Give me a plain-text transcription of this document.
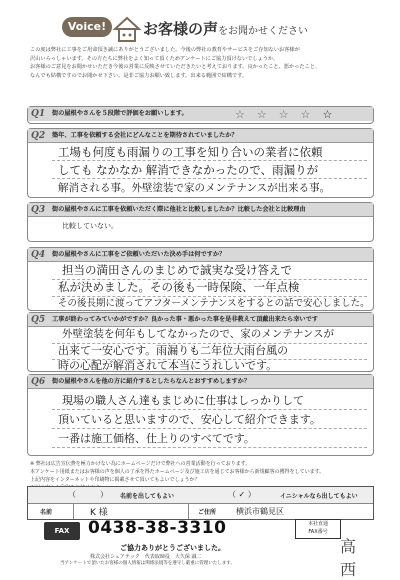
Voice!	お客様の声をお聞かせください

この度は弊社に工事をご用命頂き誠にありがとうございました。今後の弊社の教育やサービスをご存知ないお客様が

沢山いらっしゃいます。その方たちに弊社をよく知って頂くためアンケートにご協力頂けないでしょうか。

お客様のご意見をお聞かせいただき今後の営業に反映させていただきたいと考えております。良かったこと、悪かったこと、

なんでも結構ですのでお聞かせ下さい。是非ご協力お願い致します。出来る範囲で結構です。

Q1 街の屋根やさんを５段階で評価をお願いします。	☆☆☆☆☆
Q2 築年、工事を依頼する会社にどんなことを期待されていましたか？
工場も何度も雨漏りの工事を知り合いの業者に依頼
しても なかなか 解消できなかったので、雨漏りが
解消される事。外壁塗装で家のメンテナンスが出来る事。
Q3 街の屋根やさんに工事を依頼いただく際に他社と比較しましたか？比較した会社と比較理由
比較していない。
Q4 街の屋根やさんに工事をご依頼いただいた決め手は何ですか？
担当の満田さんのまじめで誠実な受け答えで
私が決めました。その後も一時保険、一年点検
その後長期に渡ってアフターメンテナンスをするとの話で安心しました。
Q5 工事が終わってみていかがですか？良かった事・悪かった事を是非教えて頂戴出来たら幸いです
外壁塗装を何年もしてなかったので、家のメンテナンスが
出来て一安心です。雨漏りも二年位大雨台風の
時の心配が解消されて本当にうれしいです。
Q6 街の屋根やさんを他の方に紹介するとしたらなんとおすすめしますか？
現場の職人さん達もまじめに仕事はしっかりして
頂いていると思いますので、安心して紹介できます。
一番は施工価格、仕上りのすべてです。

※ 弊社は広告宣伝費を極力かけない為にホームページだけで弊社への営業活動を行っております。

本アンケート用紙またはお客様の声を個人の了承を得たホームページ及び施工店を通じてお客様から新規顧客の獲得をしています。

上記内容をインターネットや印刷物に掲載させて頂いてもよいでしょうか？

（　　　） 名前を出してもよい	（ ✓ ）	イニシャルなら出してもよい
名前	K 様	ご住所 横浜市鶴見区
FAX	0438-38-3310	本社直通
FAX番号
ご協力ありがとうございました。
株式会社シェアテック　代表取締役　大久保 誠二
当アンケートで頂いたお客様の個人情報は関係法規等を遵守し厳重に管理いたします。
高西
